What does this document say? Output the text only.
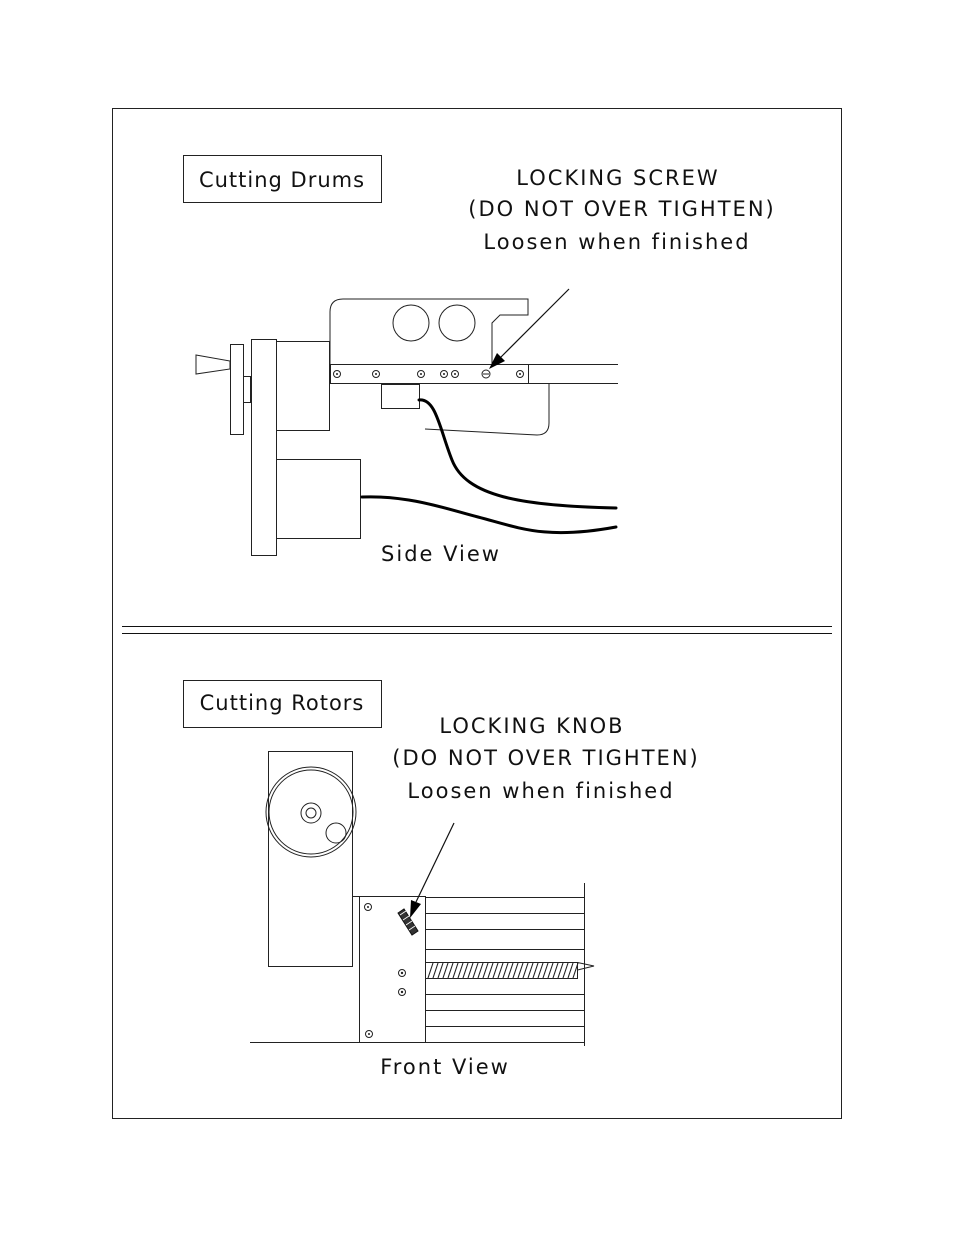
Cutting Drums	LOCKING SCREW
(DO NOT OVER TIGHTEN)
Loosen when finished
Side View
Cutting Rotors
LOCKING KNOB
(DO NOT OVER TIGHTEN)
Loosen when finished
Front View
